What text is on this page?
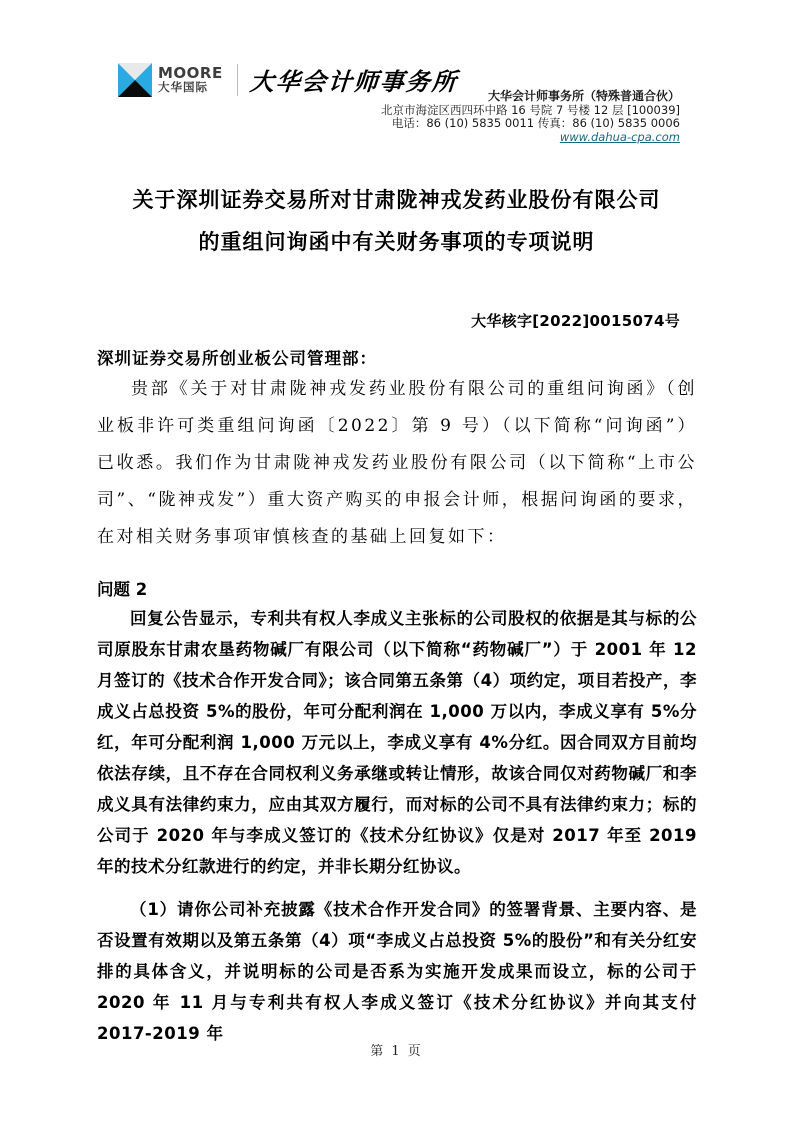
MOORE
大华国际	大华会计师事务所	大华会计师事务所（特殊普通合伙）
北京市海淀区西四环中路 16 号院 7 号楼 12 层 [100039]
电话：86 (10) 5835 0011 传真：86 (10) 5835 0006
www.dahua-cpa.com
关于深圳证券交易所对甘肃陇神戎发药业股份有限公司
的重组问询函中有关财务事项的专项说明
大华核字[2022]0015074号
深圳证券交易所创业板公司管理部：
贵部《关于对甘肃陇神戎发药业股份有限公司的重组问询函》（创业板非许可类重组问询函〔2022〕第 9 号）（以下简称“问询函”）已收悉。我们作为甘肃陇神戎发药业股份有限公司（以下简称“上市公司”、“陇神戎发”）重大资产购买的申报会计师，根据问询函的要求，在对相关财务事项审慎核查的基础上回复如下：
问题 2
回复公告显示，专利共有权人李成义主张标的公司股权的依据是其与标的公司原股东甘肃农垦药物碱厂有限公司（以下简称“药物碱厂”）于 2001 年 12 月签订的《技术合作开发合同》；该合同第五条第（4）项约定，项目若投产，李成义占总投资 5%的股份，年可分配利润在 1,000 万以内，李成义享有 5%分红，年可分配利润 1,000 万元以上，李成义享有 4%分红。因合同双方目前均依法存续，且不存在合同权利义务承继或转让情形，故该合同仅对药物碱厂和李成义具有法律约束力，应由其双方履行，而对标的公司不具有法律约束力；标的公司于 2020 年与李成义签订的《技术分红协议》仅是对 2017 年至 2019 年的技术分红款进行的约定，并非长期分红协议。
（1）请你公司补充披露《技术合作开发合同》的签署背景、主要内容、是否设置有效期以及第五条第（4）项“李成义占总投资 5%的股份”和有关分红安排的具体含义，并说明标的公司是否系为实施开发成果而设立，标的公司于 2020 年 11 月与专利共有权人李成义签订《技术分红协议》并向其支付 2017-2019 年
第 1 页
